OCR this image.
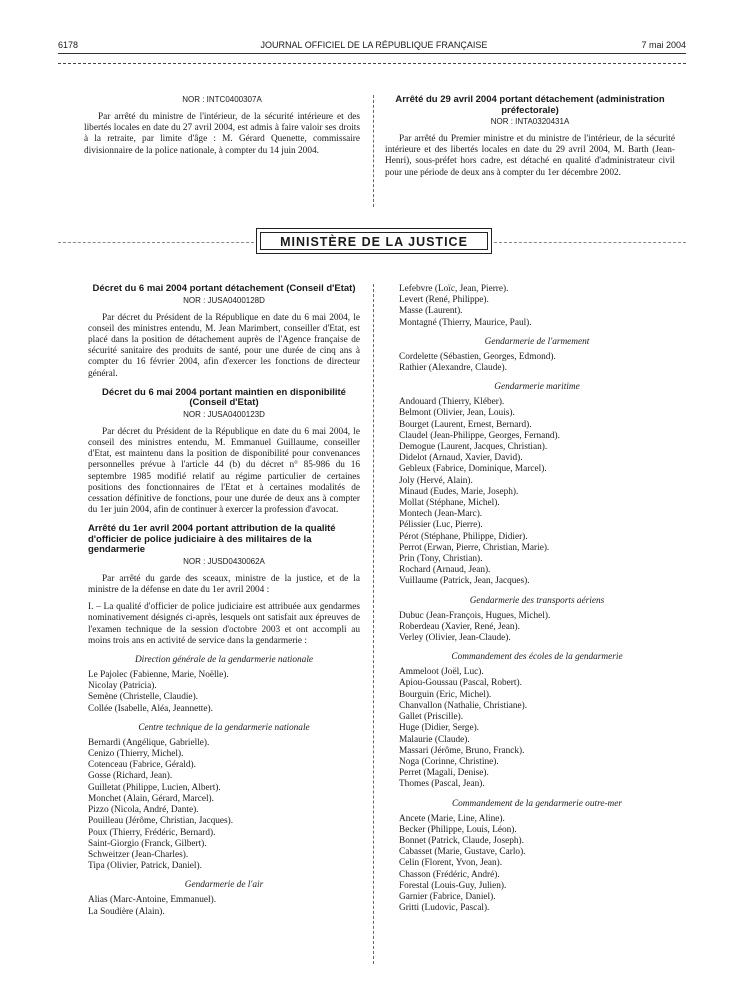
6178	JOURNAL OFFICIEL DE LA RÉPUBLIQUE FRANÇAISE	7 mai 2004

NOR : INTC0400307A

Par arrêté du ministre de l'intérieur, de la sécurité intérieure et des libertés locales en date du 27 avril 2004, est admis à faire valoir ses droits à la retraite, par limite d'âge : M. Gérard Quenette, commissaire divisionnaire de la police nationale, à compter du 14 juin 2004.

Arrêté du 29 avril 2004 portant détachement (administration préfectorale)

NOR : INTA0320431A

Par arrêté du Premier ministre et du ministre de l'intérieur, de la sécurité intérieure et des libertés locales en date du 29 avril 2004, M. Barth (Jean-Henri), sous-préfet hors cadre, est détaché en qualité d'administrateur civil pour une période de deux ans à compter du 1er décembre 2002.

MINISTÈRE DE LA JUSTICE

Décret du 6 mai 2004 portant détachement (Conseil d'Etat)

NOR : JUSA0400128D

Par décret du Président de la République en date du 6 mai 2004, le conseil des ministres entendu, M. Jean Marimbert, conseiller d'Etat, est placé dans la position de détachement auprès de l'Agence française de sécurité sanitaire des produits de santé, pour une durée de cinq ans à compter du 16 février 2004, afin d'exercer les fonctions de directeur général.

Décret du 6 mai 2004 portant maintien en disponibilité (Conseil d'Etat)

NOR : JUSA0400123D

Par décret du Président de la République en date du 6 mai 2004, le conseil des ministres entendu, M. Emmanuel Guillaume, conseiller d'Etat, est maintenu dans la position de disponibilité pour convenances personnelles prévue à l'article 44 (b) du décret n° 85-986 du 16 septembre 1985 modifié relatif au régime particulier de certaines positions des fonctionnaires de l'Etat et à certaines modalités de cessation définitive de fonctions, pour une durée de deux ans à compter du 1er juin 2004, afin de continuer à exercer la profession d'avocat.

Arrêté du 1er avril 2004 portant attribution de la qualité d'officier de police judiciaire à des militaires de la gendarmerie

NOR : JUSD0430062A

Par arrêté du garde des sceaux, ministre de la justice, et de la ministre de la défense en date du 1er avril 2004 :

I. – La qualité d'officier de police judiciaire est attribuée aux gendarmes nominativement désignés ci-après, lesquels ont satisfait aux épreuves de l'examen technique de la session d'octobre 2003 et ont accompli au moins trois ans en activité de service dans la gendarmerie :

Direction générale de la gendarmerie nationale
Le Pajolec (Fabienne, Marie, Noëlle).
Nicolay (Patricia).
Semène (Christelle, Claudie).
Collée (Isabelle, Aléa, Jeannette).
Centre technique de la gendarmerie nationale
Bernardi (Angélique, Gabrielle).
Cenizo (Thierry, Michel).
Cotenceau (Fabrice, Gérald).
Gosse (Richard, Jean).
Guilletat (Philippe, Lucien, Albert).
Monchet (Alain, Gérard, Marcel).
Pizzo (Nicola, André, Dante).
Pouilleau (Jérôme, Christian, Jacques).
Poux (Thierry, Frédéric, Bernard).
Saint-Giorgio (Franck, Gilbert).
Schweitzer (Jean-Charles).
Tipa (Olivier, Patrick, Daniel).
Gendarmerie de l'air
Alias (Marc-Antoine, Emmanuel).
La Soudière (Alain).
Lefebvre (Loïc, Jean, Pierre).
Levert (René, Philippe).
Masse (Laurent).
Montagné (Thierry, Maurice, Paul).
Gendarmerie de l'armement
Cordelette (Sébastien, Georges, Edmond).
Rathier (Alexandre, Claude).
Gendarmerie maritime
Andouard (Thierry, Kléber).
Belmont (Olivier, Jean, Louis).
Bourget (Laurent, Ernest, Bernard).
Claudel (Jean-Philippe, Georges, Fernand).
Demogue (Laurent, Jacques, Christian).
Didelot (Arnaud, Xavier, David).
Gebleux (Fabrice, Dominique, Marcel).
Joly (Hervé, Alain).
Minaud (Eudes, Marie, Joseph).
Mollat (Stéphane, Michel).
Montech (Jean-Marc).
Pélissier (Luc, Pierre).
Pérot (Stéphane, Philippe, Didier).
Perrot (Erwan, Pierre, Christian, Marie).
Prin (Tony, Christian).
Rochard (Arnaud, Jean).
Vuillaume (Patrick, Jean, Jacques).
Gendarmerie des transports aériens
Dubuc (Jean-François, Hugues, Michel).
Roberdeau (Xavier, René, Jean).
Verley (Olivier, Jean-Claude).
Commandement des écoles de la gendarmerie
Ammeloot (Joël, Luc).
Apiou-Goussau (Pascal, Robert).
Bourguin (Eric, Michel).
Chanvallon (Nathalie, Christiane).
Gallet (Priscille).
Huge (Didier, Serge).
Malaurie (Claude).
Massari (Jérôme, Bruno, Franck).
Noga (Corinne, Christine).
Perret (Magali, Denise).
Thomes (Pascal, Jean).
Commandement de la gendarmerie outre-mer
Ancete (Marie, Line, Aline).
Becker (Philippe, Louis, Léon).
Bonnet (Patrick, Claude, Joseph).
Cabasset (Marie, Gustave, Carlo).
Celin (Florent, Yvon, Jean).
Chasson (Frédéric, André).
Forestal (Louis-Guy, Julien).
Garnier (Fabrice, Daniel).
Gritti (Ludovic, Pascal).
